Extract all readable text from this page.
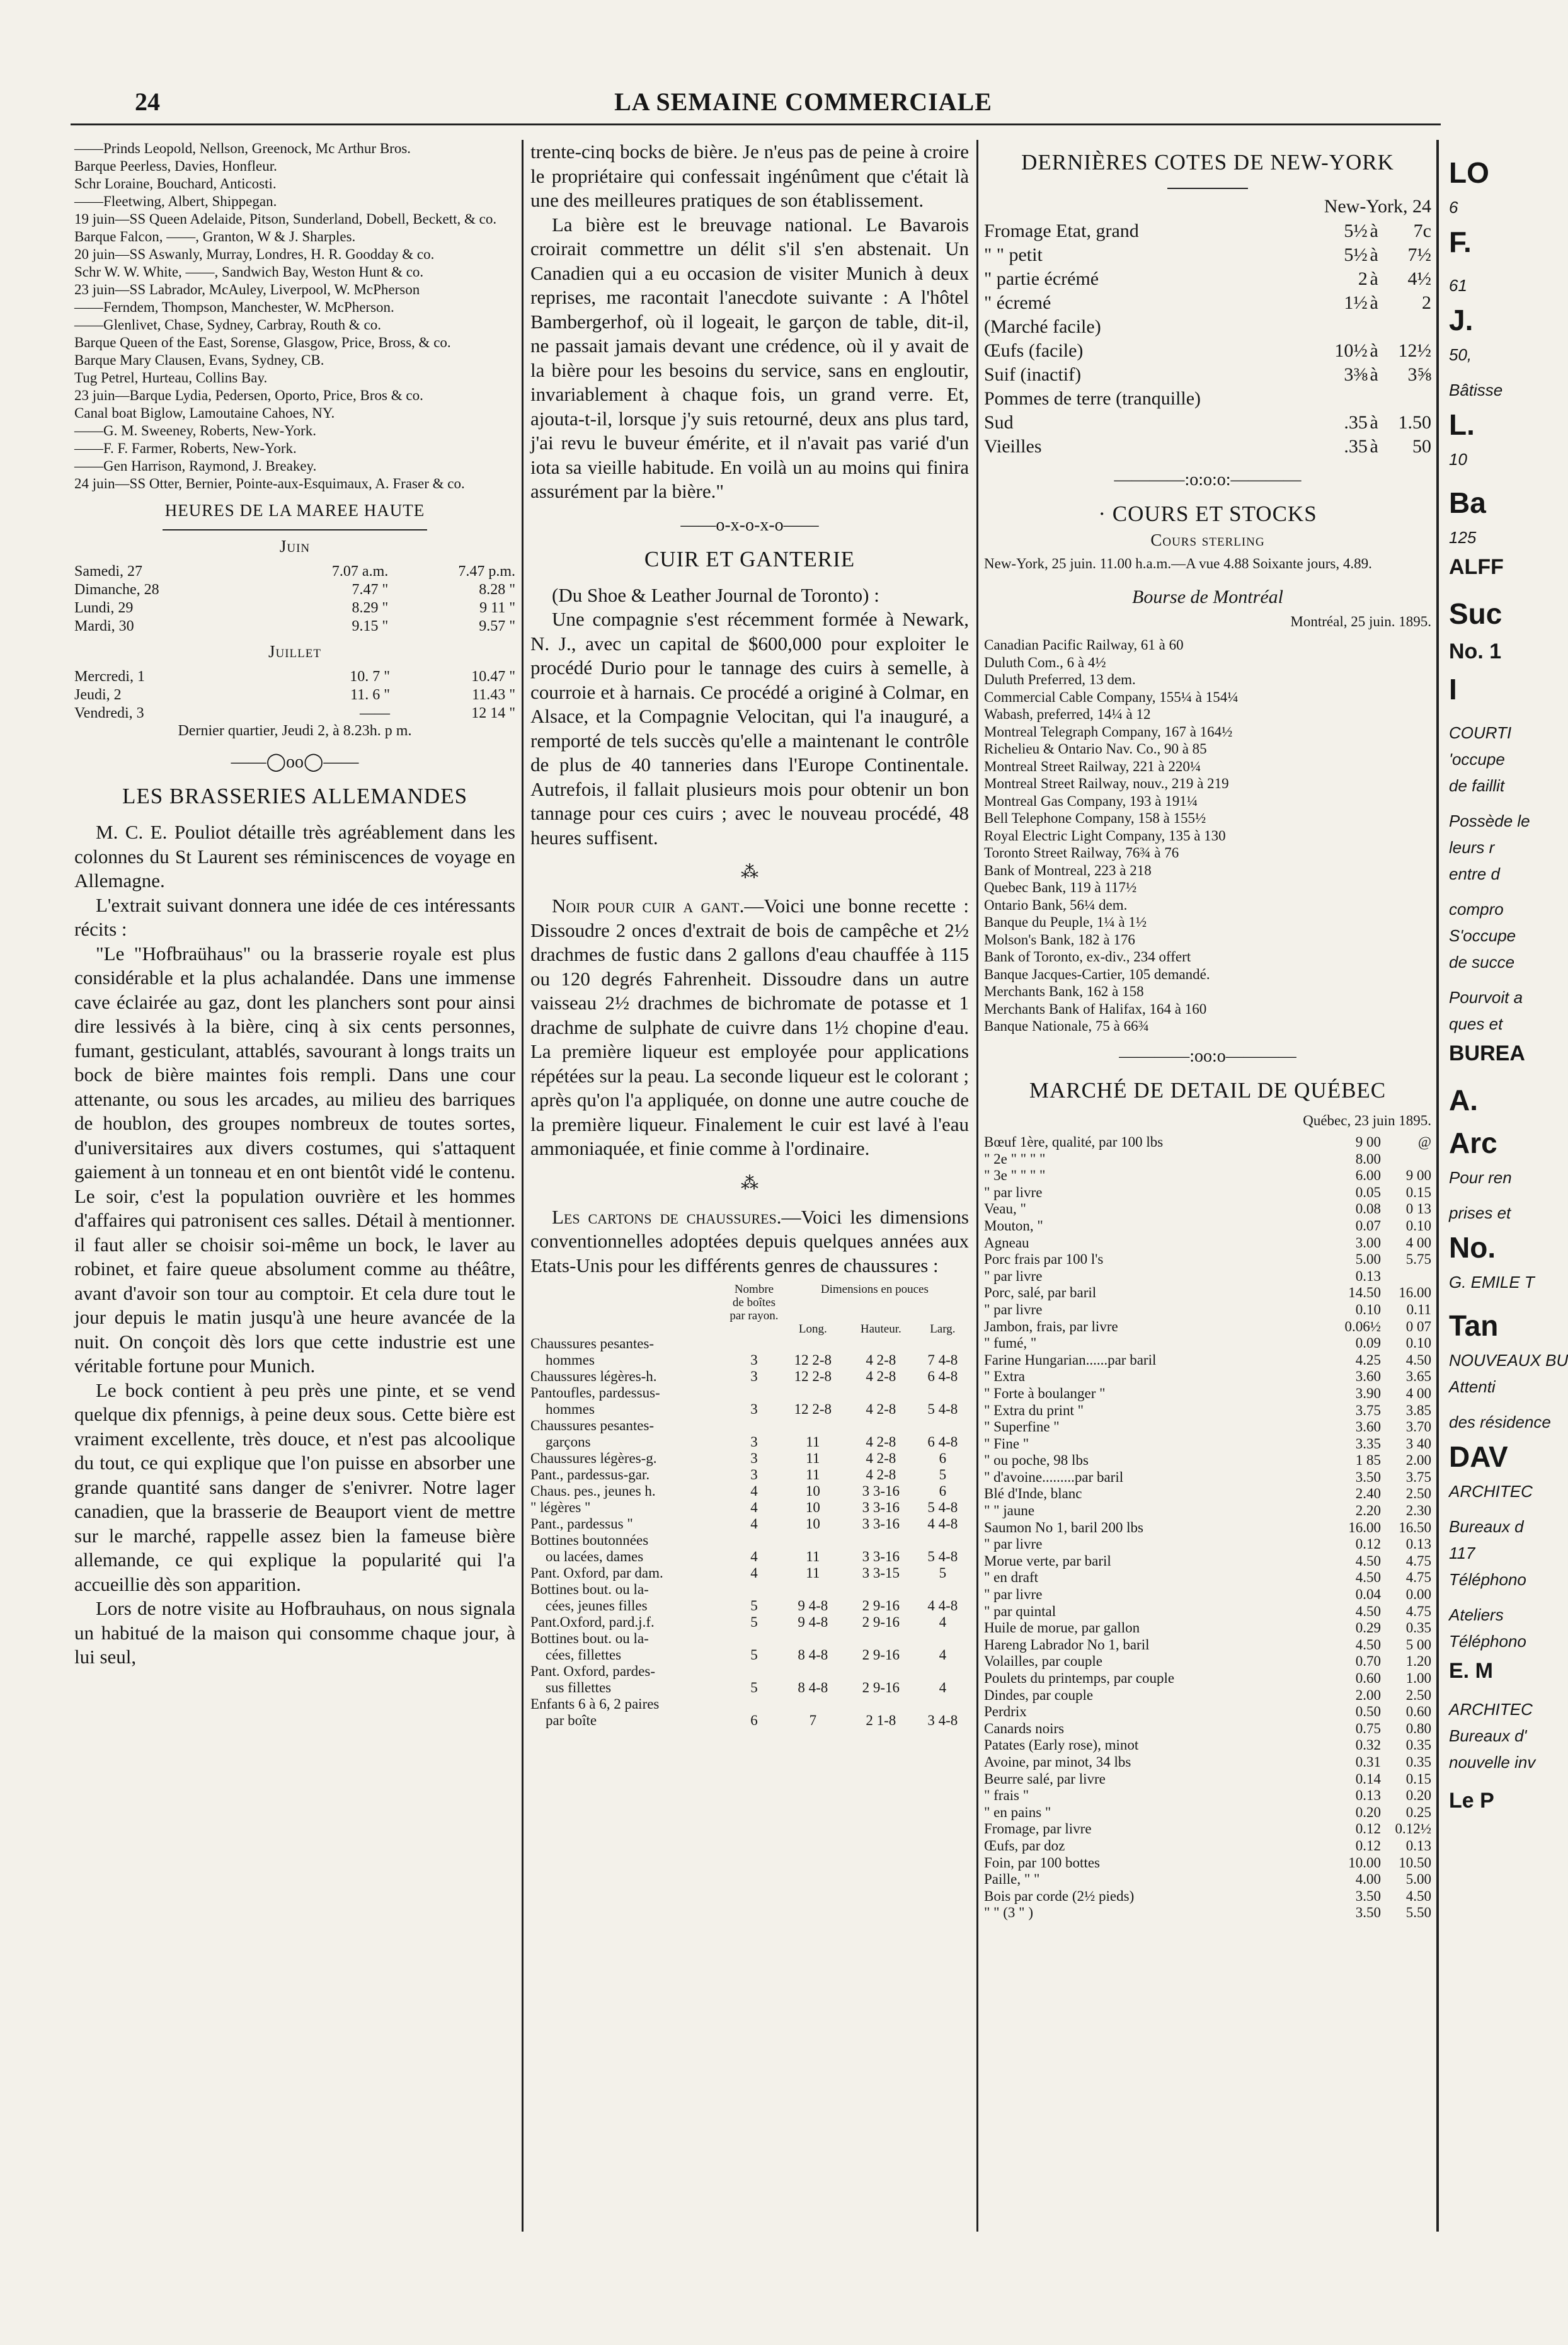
24	LA SEMAINE COMMERCIALE

——Prinds Leopold, Nellson, Greenock, Mc Arthur Bros.

Barque Peerless, Davies, Honfleur.

Schr Loraine, Bouchard, Anticosti.

——Fleetwing, Albert, Shippegan.

19 juin—SS Queen Adelaide, Pitson, Sunderland, Dobell, Beckett, & co.

Barque Falcon, ——, Granton, W & J. Sharples.

20 juin—SS Aswanly, Murray, Londres, H. R. Goodday & co.

Schr W. W. White, ——, Sandwich Bay, Weston Hunt & co.

23 juin—SS Labrador, McAuley, Liverpool, W. McPherson

——Ferndem, Thompson, Manchester, W. McPherson.

——Glenlivet, Chase, Sydney, Carbray, Routh & co.

Barque Queen of the East, Sorense, Glasgow, Price, Bross, & co.

Barque Mary Clausen, Evans, Sydney, CB.

Tug Petrel, Hurteau, Collins Bay.

23 juin—Barque Lydia, Pedersen, Oporto, Price, Bros & co.

Canal boat Biglow, Lamoutaine Cahoes, NY.

——G. M. Sweeney, Roberts, New-York.

——F. F. Farmer, Roberts, New-York.

——Gen Harrison, Raymond, J. Breakey.

24 juin—SS Otter, Bernier, Pointe-aux-Esquimaux, A. Fraser & co.

HEURES DE LA MAREE HAUTE
Juin
Samedi, 27	7.07 a.m.	7.47 p.m.
Dimanche, 28	7.47 "	8.28 "
Lundi, 29	8.29 "	9 11 "
Mardi, 30	9.15 "	9.57 "
Juillet
Mercredi, 1	10. 7 "	10.47 "
Jeudi, 2	11. 6 "	11.43 "
Vendredi, 3	——	12 14 "
Dernier quartier, Jeudi 2, à 8.23h. p m.
——◯oo◯——
LES BRASSERIES ALLEMANDES

M. C. E. Pouliot détaille très agréablement dans les colonnes du St Laurent ses réminiscences de voyage en Allemagne.

L'extrait suivant donnera une idée de ces intéressants récits :

"Le "Hofbraühaus" ou la brasserie royale est plus considérable et la plus achalandée. Dans une immense cave éclairée au gaz, dont les planchers sont pour ainsi dire lessivés à la bière, cinq à six cents personnes, fumant, gesticulant, attablés, savourant à longs traits un bock de bière maintes fois rempli. Dans une cour attenante, ou sous les arcades, au milieu des barriques de houblon, des groupes nombreux de toutes sortes, d'universitaires aux divers costumes, qui s'attaquent gaiement à un tonneau et en ont bientôt vidé le contenu. Le soir, c'est la population ouvrière et les hommes d'affaires qui patronisent ces salles. Détail à mentionner. il faut aller se choisir soi-même un bock, le laver au robinet, et faire queue absolument comme au théâtre, avant d'avoir son tour au comptoir. Et cela dure tout le jour depuis le matin jusqu'à une heure avancée de la nuit. On conçoit dès lors que cette industrie est une véritable fortune pour Munich.

Le bock contient à peu près une pinte, et se vend quelque dix pfennigs, à peine deux sous. Cette bière est vraiment excellente, très douce, et n'est pas alcoolique du tout, ce qui explique que l'on puisse en absorber une grande quantité sans danger de s'enivrer. Notre lager canadien, que la brasserie de Beauport vient de mettre sur le marché, rappelle assez bien la fameuse bière allemande, ce qui explique la popularité qui l'a accueillie dès son apparition.

Lors de notre visite au Hofbrauhaus, on nous signala un habitué de la maison qui consomme chaque jour, à lui seul,

trente-cinq bocks de bière. Je n'eus pas de peine à croire le propriétaire qui confessait ingénûment que c'était là une des meilleures pratiques de son établissement.

La bière est le breuvage national. Le Bavarois croirait commettre un délit s'il s'en abstenait. Un Canadien qui a eu occasion de visiter Munich à deux reprises, me racontait l'anecdote suivante : A l'hôtel Bambergerhof, où il logeait, le garçon de table, dit-il, ne passait jamais devant une crédence, où il y avait de la bière pour les besoins du service, sans en engloutir, invariablement à chaque fois, un grand verre. Et, ajouta-t-il, lorsque j'y suis retourné, deux ans plus tard, j'ai revu le buveur émérite, et il n'avait pas varié d'un iota sa vieille habitude. En voilà un au moins qui finira assurément par la bière."

——o-x-o-x-o——
CUIR ET GANTERIE

(Du Shoe & Leather Journal de Toronto) :

Une compagnie s'est récemment formée à Newark, N. J., avec un capital de $600,000 pour exploiter le procédé Durio pour le tannage des cuirs à semelle, à courroie et à harnais. Ce procédé a originé à Colmar, en Alsace, et la Compagnie Velocitan, qui l'a inauguré, a remporté de tels succès qu'elle a maintenant le contrôle de plus de 40 tanneries dans l'Europe Continentale. Autrefois, il fallait plusieurs mois pour obtenir un bon tannage pour ces cuirs ; avec le nouveau procédé, 48 heures suffisent.

⁂

Noir pour cuir a gant.—Voici une bonne recette : Dissoudre 2 onces d'extrait de bois de campêche et 2½ drachmes de fustic dans 2 gallons d'eau chauffée à 115 ou 120 degrés Fahrenheit. Dissoudre dans un autre vaisseau 2½ drachmes de bichromate de potasse et 1 drachme de sulphate de cuivre dans 1½ chopine d'eau. La première liqueur est employée pour applications répétées sur la peau. La seconde liqueur est le colorant ; après qu'on l'a appliquée, on donne une autre couche de la première liqueur. Finalement le cuir est lavé à l'eau ammoniaquée, et finie comme à l'ordinaire.

⁂

Les cartons de chaussures.—Voici les dimensions conventionnelles adoptées depuis quelques années aux Etats-Unis pour les différents genres de chaussures :

	Nombre de boîtes par rayon.	Dimensions en pouces		
		Long.	Hauteur.	Larg.
Chaussures pesantes-				
hommes	3	12 2-8	4 2-8	7 4-8
Chaussures légères-h.	3	12 2-8	4 2-8	6 4-8
Pantoufles, pardessus-				
hommes	3	12 2-8	4 2-8	5 4-8
Chaussures pesantes-				
garçons	3	11	4 2-8	6 4-8
Chaussures légères-g.	3	11	4 2-8	6
Pant., pardessus-gar.	3	11	4 2-8	5
Chaus. pes., jeunes h.	4	10	3 3-16	6
" légères "	4	10	3 3-16	5 4-8
Pant., pardessus "	4	10	3 3-16	4 4-8
Bottines boutonnées				
ou lacées, dames	4	11	3 3-16	5 4-8
Pant. Oxford, par dam.	4	11	3 3-15	5
Bottines bout. ou la-				
cées, jeunes filles	5	9 4-8	2 9-16	4 4-8
Pant.Oxford, pard.j.f.	5	9 4-8	2 9-16	4
Bottines bout. ou la-				
cées, fillettes	5	8 4-8	2 9-16	4
Pant. Oxford, pardes-				
sus fillettes	5	8 4-8	2 9-16	4
Enfants 6 à 6, 2 paires				
par boîte	6	7	2 1-8	3 4-8
DERNIÈRES COTES DE NEW-YORK
New-York, 24
Fromage Etat, grand	5½	à	7c
" " petit	5½	à	7½
" partie écrémé	2	à	4½
" écremé	1½	à	2
(Marché facile)			
Œufs (facile)	10½	à	12½
Suif (inactif)	3⅜	à	3⅝
Pommes de terre (tranquille)			
Sud	.35	à	1.50
Vieilles	.35	à	50
————:o:o:o:————
· COURS ET STOCKS
Cours sterling
New-York, 25 juin. 11.00 h.a.m.—A vue 4.88 Soixante jours, 4.89.
Bourse de Montréal
Montréal, 25 juin. 1895.

Canadian Pacific Railway, 61 à 60

Duluth Com., 6 à 4½

Duluth Preferred, 13 dem.

Commercial Cable Company, 155¼ à 154¼

Wabash, preferred, 14¼ à 12

Montreal Telegraph Company, 167 à 164½

Richelieu & Ontario Nav. Co., 90 à 85

Montreal Street Railway, 221 à 220¼

Montreal Street Railway, nouv., 219 à 219

Montreal Gas Company, 193 à 191¼

Bell Telephone Company, 158 à 155½

Royal Electric Light Company, 135 à 130

Toronto Street Railway, 76¾ à 76

Bank of Montreal, 223 à 218

Quebec Bank, 119 à 117½

Ontario Bank, 56¼ dem.

Banque du Peuple, 1¼ à 1½

Molson's Bank, 182 à 176

Bank of Toronto, ex-div., 234 offert

Banque Jacques-Cartier, 105 demandé.

Merchants Bank, 162 à 158

Merchants Bank of Halifax, 164 à 160

Banque Nationale, 75 à 66¾

————:oo:o————
MARCHÉ DE DETAIL DE QUÉBEC
Québec, 23 juin 1895.
Bœuf 1ère, qualité, par 100 lbs	9 00	@
" 2e " " " "	8.00	
" 3e " " " "	6.00	9 00
" par livre	0.05	0.15
Veau, "	0.08	0 13
Mouton, "	0.07	0.10
Agneau	3.00	4 00
Porc frais par 100 l's	5.00	5.75
" par livre	0.13	
Porc, salé, par baril	14.50	16.00
" par livre	0.10	0.11
Jambon, frais, par livre	0.06½	0 07
" fumé, "	0.09	0.10
Farine Hungarian......par baril	4.25	4.50
" Extra	3.60	3.65
" Forte à boulanger "	3.90	4 00
" Extra du print "	3.75	3.85
" Superfine "	3.60	3.70
" Fine "	3.35	3 40
" ou poche, 98 lbs	1 85	2.00
" d'avoine.........par baril	3.50	3.75
Blé d'Inde, blanc	2.40	2.50
" " jaune	2.20	2.30
Saumon No 1, baril 200 lbs	16.00	16.50
" par livre	0.12	0.13
Morue verte, par baril	4.50	4.75
" en draft	4.50	4.75
" par livre	0.04	0.00
" par quintal	4.50	4.75
Huile de morue, par gallon	0.29	0.35
Hareng Labrador No 1, baril	4.50	5 00
Volailles, par couple	0.70	1.20
Poulets du printemps, par couple	0.60	1.00
Dindes, par couple	2.00	2.50
Perdrix	0.50	0.60
Canards noirs	0.75	0.80
Patates (Early rose), minot	0.32	0.35
Avoine, par minot, 34 lbs	0.31	0.35
Beurre salé, par livre	0.14	0.15
" frais "	0.13	0.20
" en pains "	0.20	0.25
Fromage, par livre	0.12	0.12½
Œufs, par doz	0.12	0.13
Foin, par 100 bottes	10.00	10.50
Paille, " "	4.00	5.00
Bois par corde (2½ pieds)	3.50	4.50
" " (3 " )	3.50	5.50
LO
6
F.
61
J.
50,
Bâtisse
L.
10
Ba
125
ALFF
Suc
No. 1
I
COURTI
'occupe
de faillit
Possède le
leurs r
entre d
compro
S'occupe
de succe
Pourvoit a
ques et
BUREA
A.
Arc
Pour ren
prises et
No.
G. EMILE T
Tan
NOUVEAUX BU
Attenti
des résidence
DAV
ARCHITEC
Bureaux d
117
Téléphono
Ateliers
Téléphono
E. M
ARCHITEC
Bureaux d'
nouvelle inv
Le P
